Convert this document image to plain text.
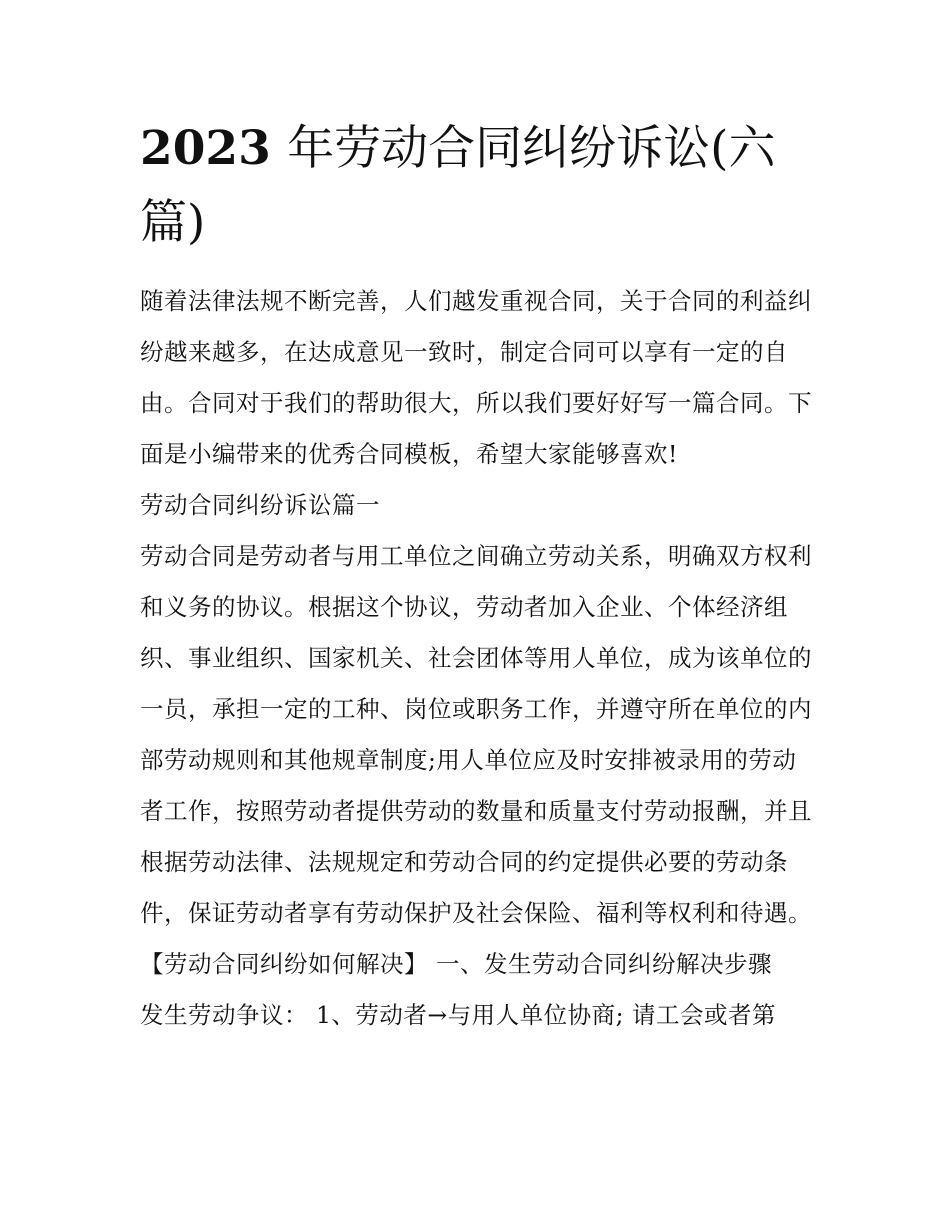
2023 年劳动合同纠纷诉讼(六篇)

随着法律法规不断完善，人们越发重视合同，关于合同的利益纠纷越来越多，在达成意见一致时，制定合同可以享有一定的自由。合同对于我们的帮助很大，所以我们要好好写一篇合同。下面是小编带来的优秀合同模板，希望大家能够喜欢!

劳动合同纠纷诉讼篇一

劳动合同是劳动者与用工单位之间确立劳动关系，明确双方权利和义务的协议。根据这个协议，劳动者加入企业、个体经济组织、事业组织、国家机关、社会团体等用人单位，成为该单位的一员，承担一定的工种、岗位或职务工作，并遵守所在单位的内部劳动规则和其他规章制度;用人单位应及时安排被录用的劳动者工作，按照劳动者提供劳动的数量和质量支付劳动报酬，并且根据劳动法律、法规规定和劳动合同的约定提供必要的劳动条件，保证劳动者享有劳动保护及社会保险、福利等权利和待遇。

【劳动合同纠纷如何解决】 一、发生劳动合同纠纷解决步骤

发生劳动争议： 1、劳动者→与用人单位协商; 请工会或者第
